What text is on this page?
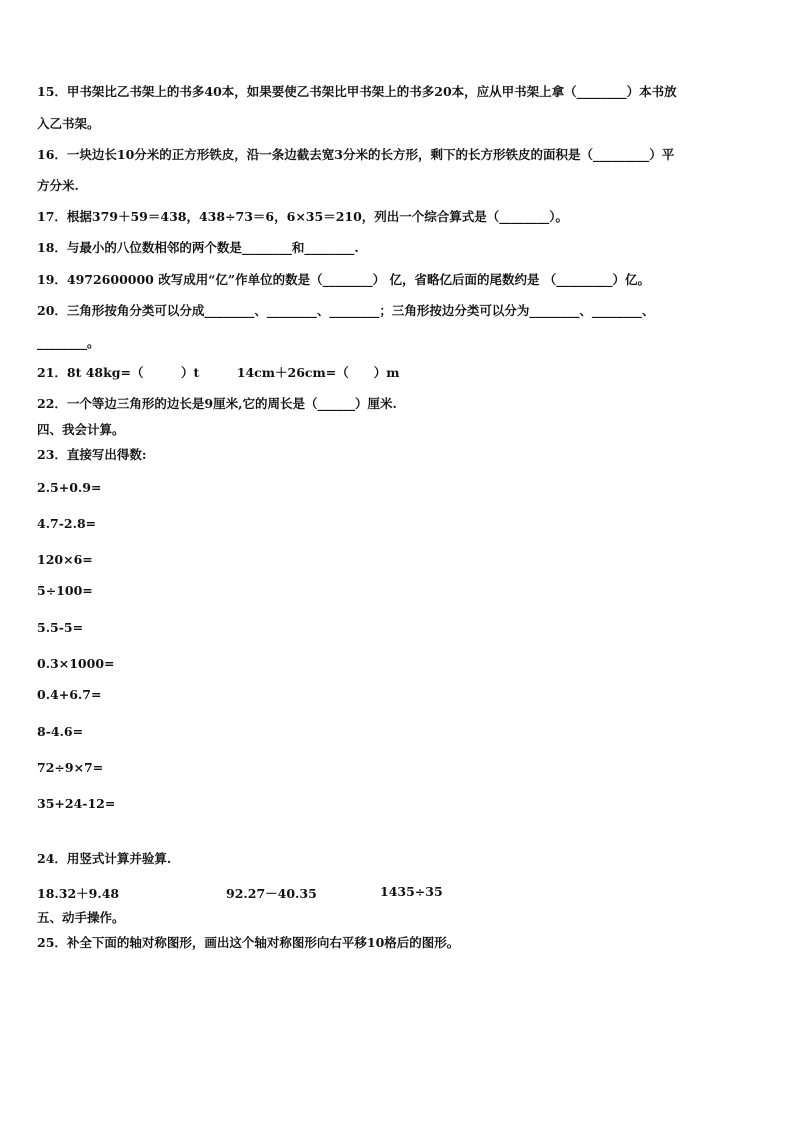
15．甲书架比乙书架上的书多40本，如果要使乙书架比甲书架上的书多20本，应从甲书架上拿（________）本书放
入乙书架。
16．一块边长10分米的正方形铁皮，沿一条边截去宽3分米的长方形，剩下的长方形铁皮的面积是（_________）平
方分米.
17．根据379＋59＝438，438÷73＝6，6×35＝210，列出一个综合算式是（________）。
18．与最小的八位数相邻的两个数是________和________.
19．4972600000 改写成用“亿”作单位的数是（________） 亿，省略亿后面的尾数约是 （_________）亿。
20．三角形按角分类可以分成________、________、________；三角形按边分类可以分为________、________、
________。
21．8t 48kg=（　　　）t　　　14cm＋26cm=（　　）m
22．一个等边三角形的边长是9厘米,它的周长是（______）厘米.
四、我会计算。
23．直接写出得数:
2.5+0.9=
4.7-2.8=
120×6=
5÷100=
5.5-5=
0.3×1000=
0.4+6.7=
8-4.6=
72÷9×7=
35+24-12=
24．用竖式计算并验算.
18.32＋9.48	92.27－40.35	1435÷35
五、动手操作。
25．补全下面的轴对称图形，画出这个轴对称图形向右平移10格后的图形。
